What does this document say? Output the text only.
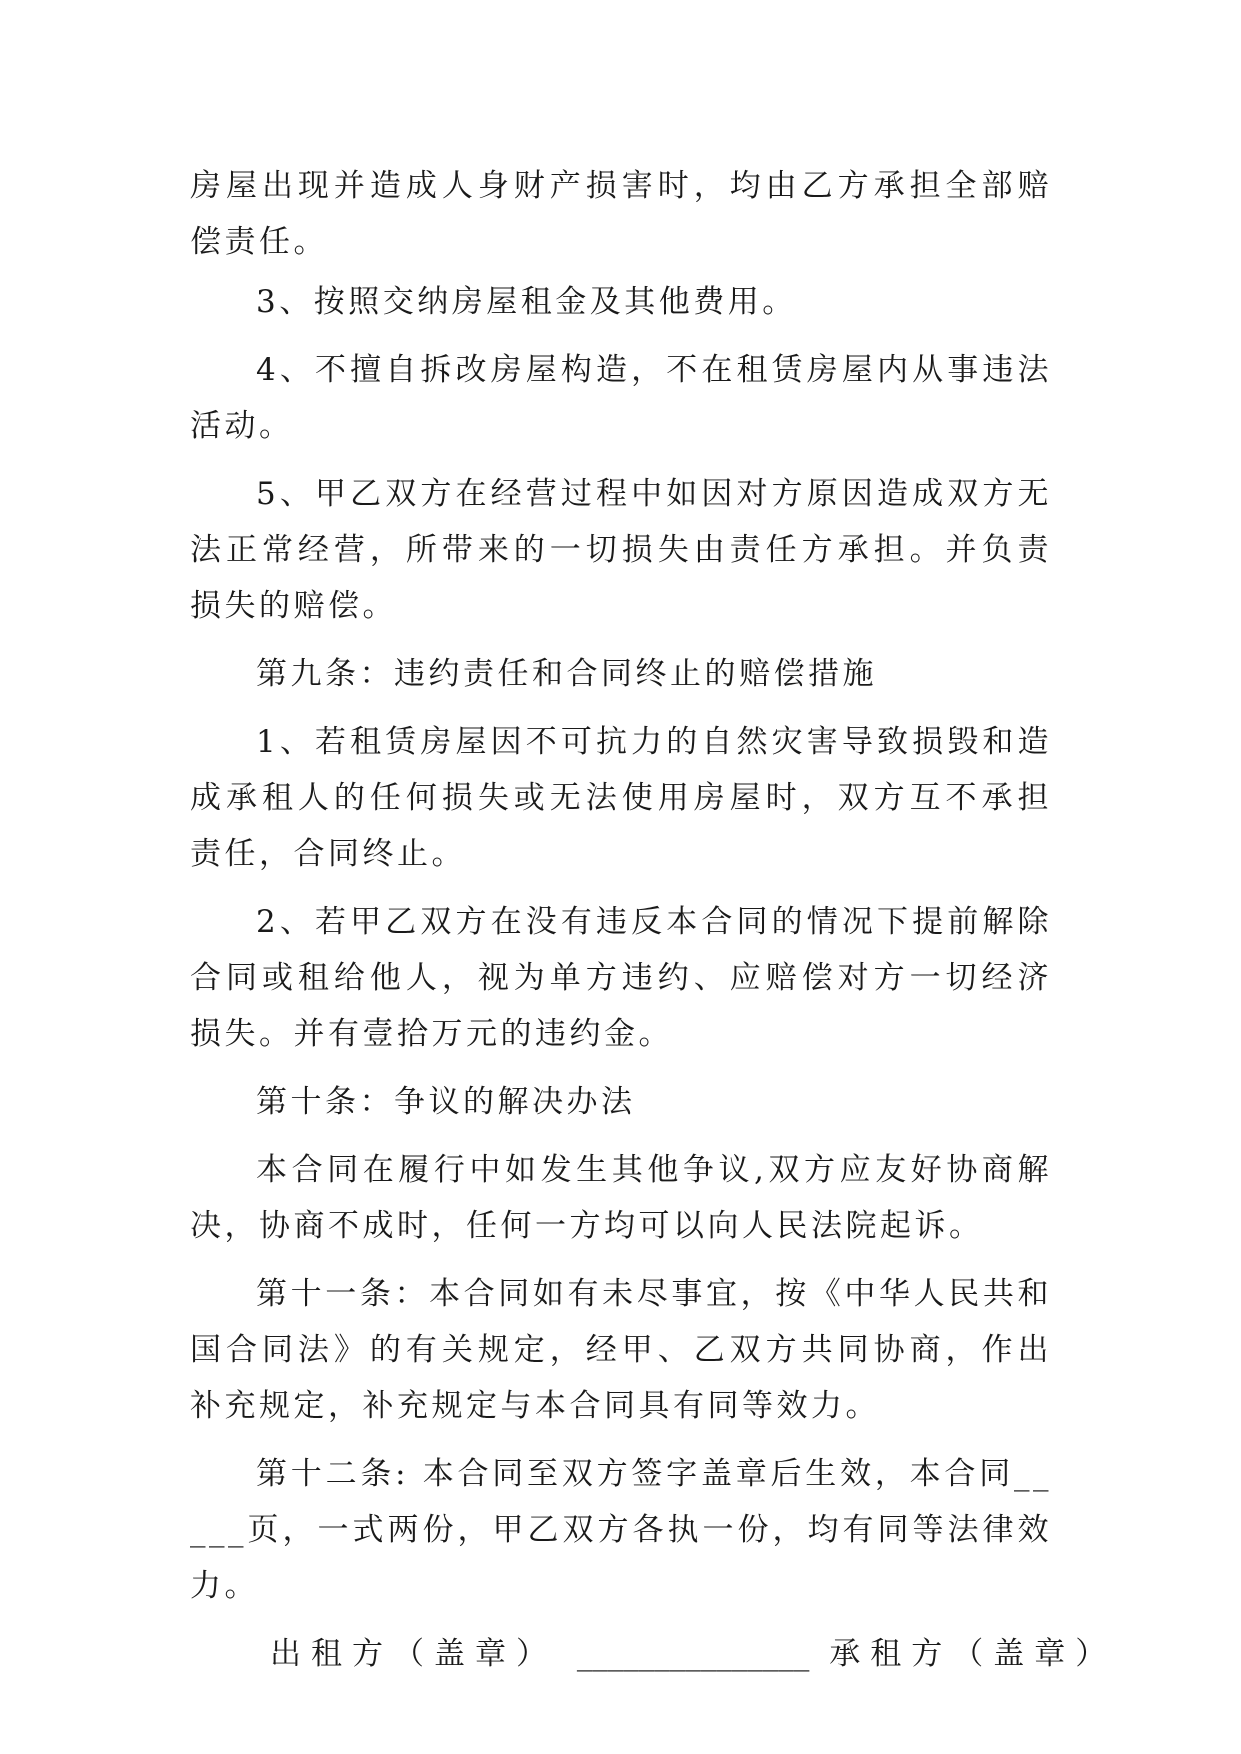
房屋出现并造成人身财产损害时，均由乙方承担全部赔偿责任。

3、按照交纳房屋租金及其他费用。

4、不擅自拆改房屋构造，不在租赁房屋内从事违法活动。

5、甲乙双方在经营过程中如因对方原因造成双方无法正常经营，所带来的一切损失由责任方承担。并负责损失的赔偿。

第九条：违约责任和合同终止的赔偿措施

1、若租赁房屋因不可抗力的自然灾害导致损毁和造成承租人的任何损失或无法使用房屋时，双方互不承担责任，合同终止。

2、若甲乙双方在没有违反本合同的情况下提前解除合同或租给他人，视为单方违约、应赔偿对方一切经济损失。并有壹拾万元的违约金。

第十条：争议的解决办法

本合同在履行中如发生其他争议,双方应友好协商解决，协商不成时，任何一方均可以向人民法院起诉。

第十一条：本合同如有未尽事宜，按《中华人民共和国合同法》的有关规定，经甲、乙双方共同协商，作出补充规定，补充规定与本合同具有同等效力。

第十二条: 本合同至双方签字盖章后生效，本合同_____页，一式两份，甲乙双方各执一份，均有同等法律效力。

出租方（盖章） _______________ 承租方（盖章）
